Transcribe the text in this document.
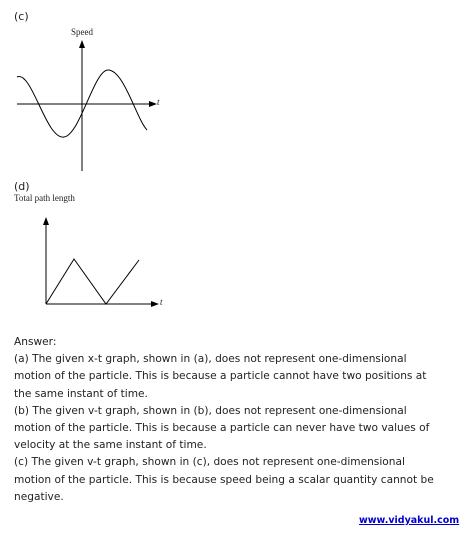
(c)
Speed
t
(d)
Total path length
t

Answer:

(a) The given x-t graph, shown in (a), does not represent one-dimensional motion of the particle. This is because a particle cannot have two positions at the same instant of time.

(b) The given v-t graph, shown in (b), does not represent one-dimensional motion of the particle. This is because a particle can never have two values of velocity at the same instant of time.

(c) The given v-t graph, shown in (c), does not represent one-dimensional motion of the particle. This is because speed being a scalar quantity cannot be negative.

www.vidyakul.com
